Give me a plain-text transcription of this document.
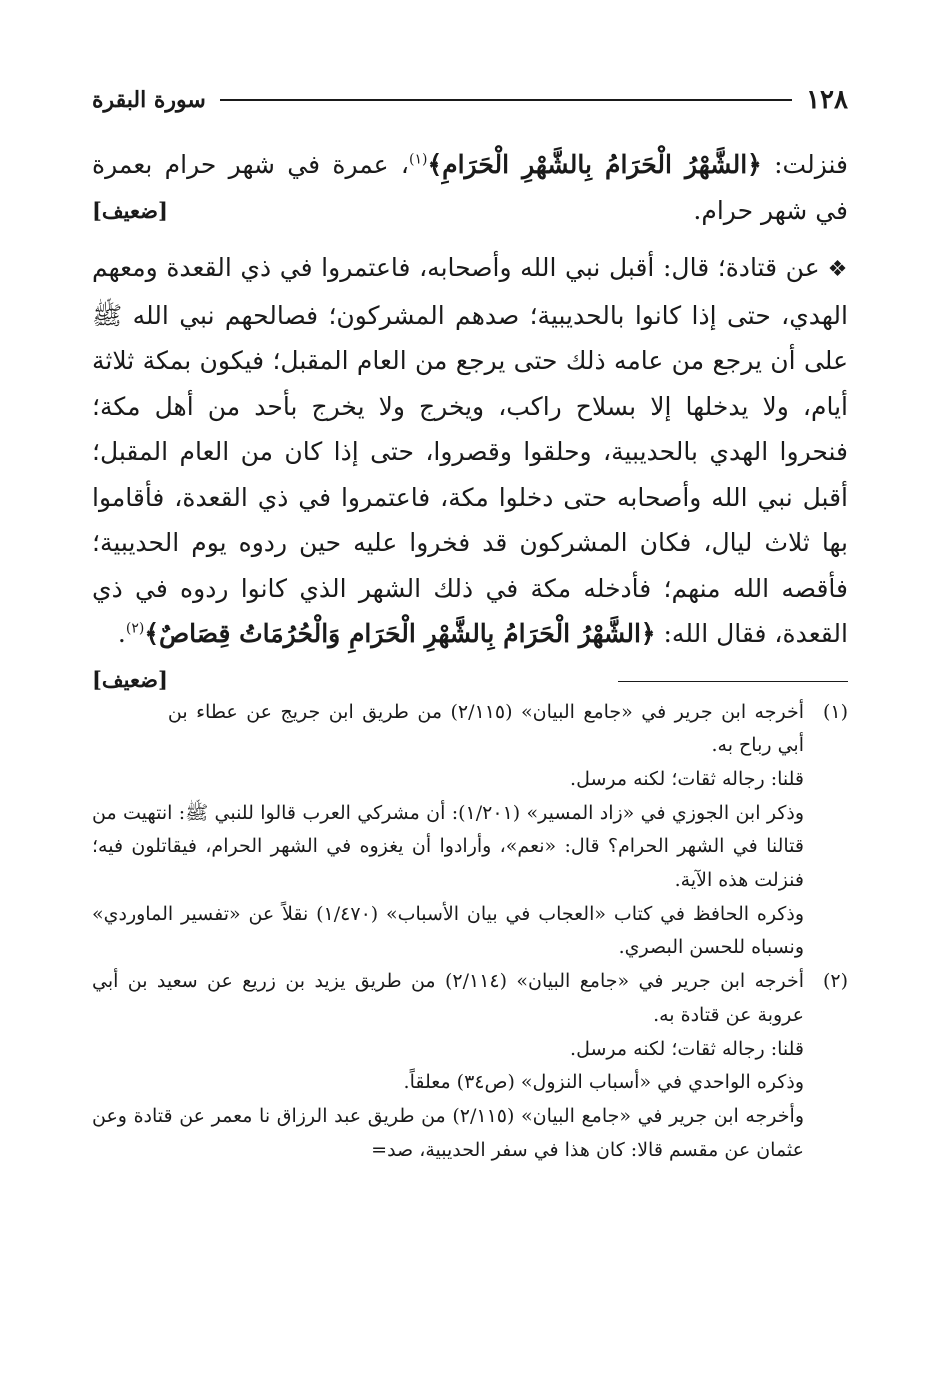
١٢٨
سورة البقرة

فنزلت: ﴿الشَّهْرُ الْحَرَامُ بِالشَّهْرِ الْحَرَامِ﴾$^{(١)}$، عمرة في شهر حرام بعمرة في شهر حرام.
[ضعيف]

❖ عن قتادة؛ قال: أقبل نبي الله وأصحابه، فاعتمروا في ذي القعدة ومعهم الهدي، حتى إذا كانوا بالحديبية؛ صدهم المشركون؛ فصالحهم نبي الله ﷺ على أن يرجع من عامه ذلك حتى يرجع من العام المقبل؛ فيكون بمكة ثلاثة أيام، ولا يدخلها إلا بسلاح راكب، ويخرج ولا يخرج بأحد من أهل مكة؛ فنحروا الهدي بالحديبية، وحلقوا وقصروا، حتى إذا كان من العام المقبل؛ أقبل نبي الله وأصحابه حتى دخلوا مكة، فاعتمروا في ذي القعدة، فأقاموا بها ثلاث ليال، فكان المشركون قد فخروا عليه حين ردوه يوم الحديبية؛ فأقصه الله منهم؛ فأدخله مكة في ذلك الشهر الذي كانوا ردوه في ذي القعدة، فقال الله: ﴿الشَّهْرُ الْحَرَامُ بِالشَّهْرِ الْحَرَامِ وَالْحُرُمَاتُ قِصَاصٌ﴾$^{(٢)}$.
[ضعيف]

(١)

أخرجه ابن جرير في «جامع البيان» (٢/١١٥) من طريق ابن جريج عن عطاء بن أبي رباح به.

قلنا: رجاله ثقات؛ لكنه مرسل.

وذكر ابن الجوزي في «زاد المسير» (١/٢٠١): أن مشركي العرب قالوا للنبي ﷺ: انتهيت من قتالنا في الشهر الحرام؟ قال: «نعم»، وأرادوا أن يغزوه في الشهر الحرام، فيقاتلون فيه؛ فنزلت هذه الآية.

وذكره الحافظ في كتاب «العجاب في بيان الأسباب» (١/٤٧٠) نقلاً عن «تفسير الماوردي» ونسباه للحسن البصري.

(٢)

أخرجه ابن جرير في «جامع البيان» (٢/١١٤) من طريق يزيد بن زريع عن سعيد بن أبي عروبة عن قتادة به.

قلنا: رجاله ثقات؛ لكنه مرسل.

وذكره الواحدي في «أسباب النزول» (ص٣٤) معلقاً.

وأخرجه ابن جرير في «جامع البيان» (٢/١١٥) من طريق عبد الرزاق نا معمر عن قتادة وعن عثمان عن مقسم قالا: كان هذا في سفر الحديبية، صد=
